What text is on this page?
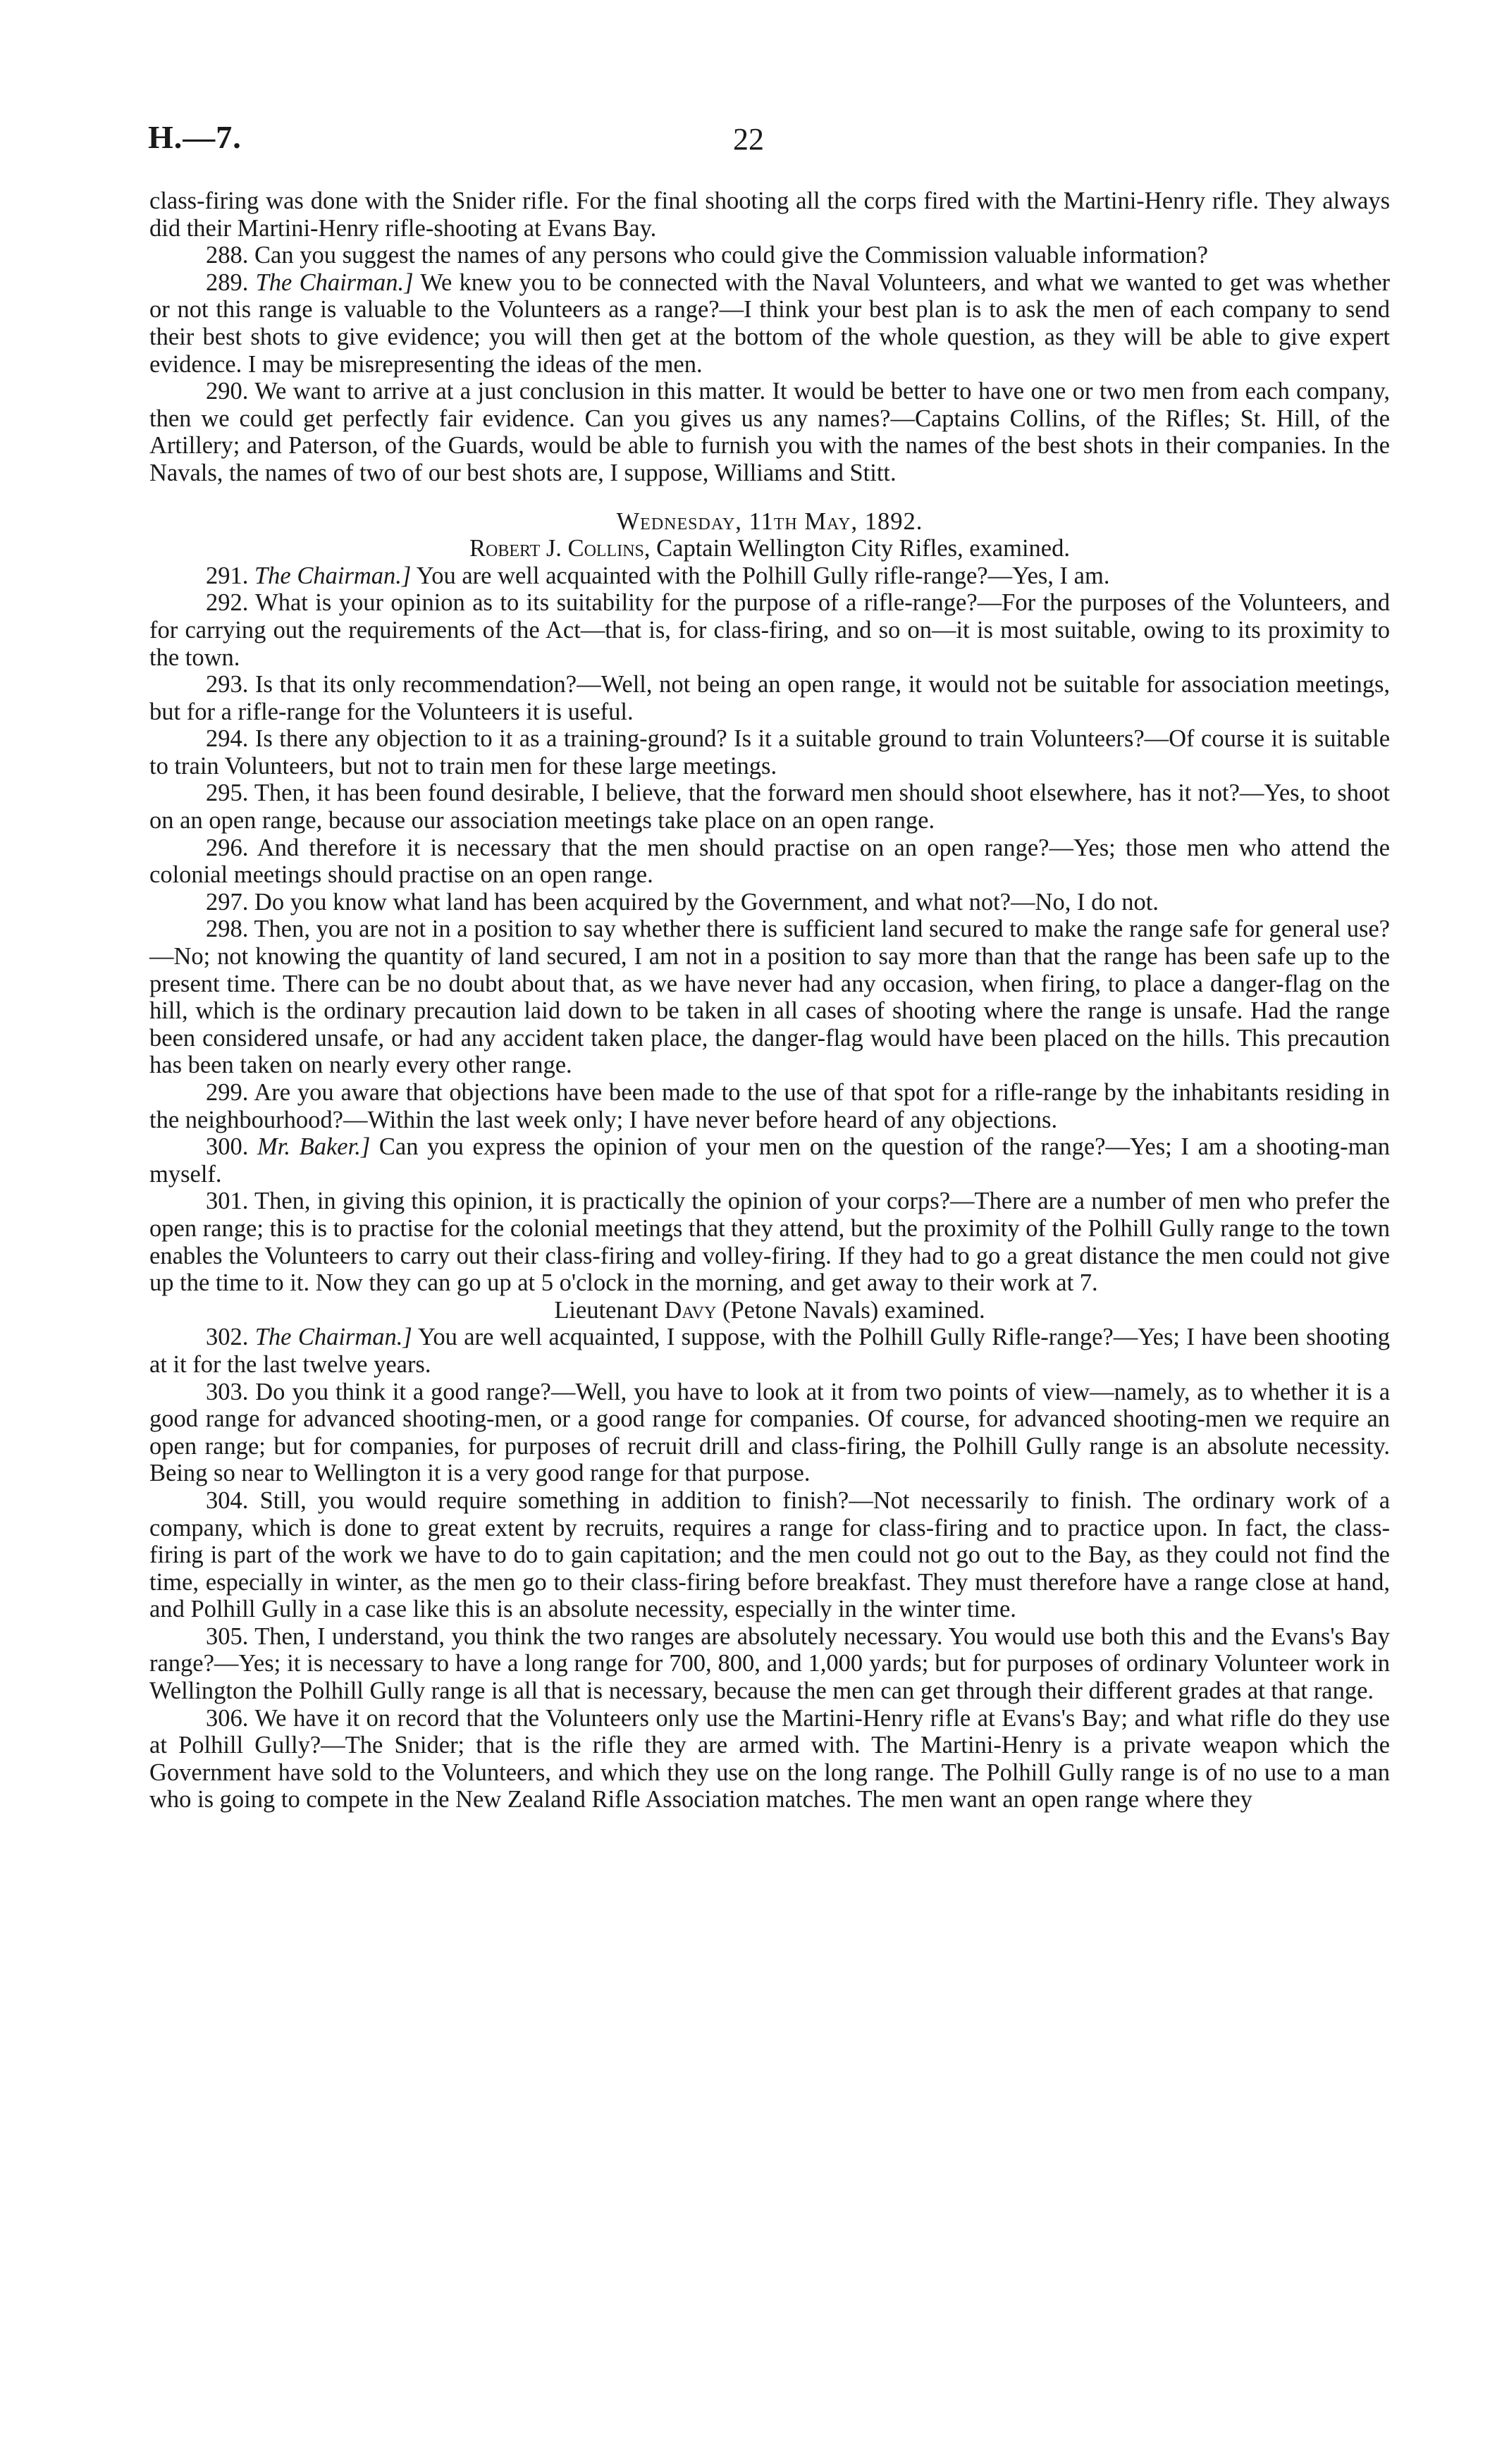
H.—7.	22

class-firing was done with the Snider rifle. For the final shooting all the corps fired with the Martini-Henry rifle. They always did their Martini-Henry rifle-shooting at Evans Bay.

288. Can you suggest the names of any persons who could give the Commission valuable information?

289. The Chairman.] We knew you to be connected with the Naval Volunteers, and what we wanted to get was whether or not this range is valuable to the Volunteers as a range?—I think your best plan is to ask the men of each company to send their best shots to give evidence; you will then get at the bottom of the whole question, as they will be able to give expert evidence. I may be misrepresenting the ideas of the men.

290. We want to arrive at a just conclusion in this matter. It would be better to have one or two men from each company, then we could get perfectly fair evidence. Can you gives us any names?—Captains Collins, of the Rifles; St. Hill, of the Artillery; and Paterson, of the Guards, would be able to furnish you with the names of the best shots in their companies. In the Navals, the names of two of our best shots are, I suppose, Williams and Stitt.

Wednesday, 11th May, 1892.

Robert J. Collins, Captain Wellington City Rifles, examined.

291. The Chairman.] You are well acquainted with the Polhill Gully rifle-range?—Yes, I am.

292. What is your opinion as to its suitability for the purpose of a rifle-range?—For the purposes of the Volunteers, and for carrying out the requirements of the Act—that is, for class-firing, and so on—it is most suitable, owing to its proximity to the town.

293. Is that its only recommendation?—Well, not being an open range, it would not be suitable for association meetings, but for a rifle-range for the Volunteers it is useful.

294. Is there any objection to it as a training-ground? Is it a suitable ground to train Volunteers?—Of course it is suitable to train Volunteers, but not to train men for these large meetings.

295. Then, it has been found desirable, I believe, that the forward men should shoot elsewhere, has it not?—Yes, to shoot on an open range, because our association meetings take place on an open range.

296. And therefore it is necessary that the men should practise on an open range?—Yes; those men who attend the colonial meetings should practise on an open range.

297. Do you know what land has been acquired by the Government, and what not?—No, I do not.

298. Then, you are not in a position to say whether there is sufficient land secured to make the range safe for general use?—No; not knowing the quantity of land secured, I am not in a position to say more than that the range has been safe up to the present time. There can be no doubt about that, as we have never had any occasion, when firing, to place a danger-flag on the hill, which is the ordinary precaution laid down to be taken in all cases of shooting where the range is unsafe. Had the range been considered unsafe, or had any accident taken place, the danger-flag would have been placed on the hills. This precaution has been taken on nearly every other range.

299. Are you aware that objections have been made to the use of that spot for a rifle-range by the inhabitants residing in the neighbourhood?—Within the last week only; I have never before heard of any objections.

300. Mr. Baker.] Can you express the opinion of your men on the question of the range?—Yes; I am a shooting-man myself.

301. Then, in giving this opinion, it is practically the opinion of your corps?—There are a number of men who prefer the open range; this is to practise for the colonial meetings that they attend, but the proximity of the Polhill Gully range to the town enables the Volunteers to carry out their class-firing and volley-firing. If they had to go a great distance the men could not give up the time to it. Now they can go up at 5 o'clock in the morning, and get away to their work at 7.

Lieutenant Davy (Petone Navals) examined.

302. The Chairman.] You are well acquainted, I suppose, with the Polhill Gully Rifle-range?—Yes; I have been shooting at it for the last twelve years.

303. Do you think it a good range?—Well, you have to look at it from two points of view—namely, as to whether it is a good range for advanced shooting-men, or a good range for companies. Of course, for advanced shooting-men we require an open range; but for companies, for purposes of recruit drill and class-firing, the Polhill Gully range is an absolute necessity. Being so near to Wellington it is a very good range for that purpose.

304. Still, you would require something in addition to finish?—Not necessarily to finish. The ordinary work of a company, which is done to great extent by recruits, requires a range for class-firing and to practice upon. In fact, the class-firing is part of the work we have to do to gain capitation; and the men could not go out to the Bay, as they could not find the time, especially in winter, as the men go to their class-firing before breakfast. They must therefore have a range close at hand, and Polhill Gully in a case like this is an absolute necessity, especially in the winter time.

305. Then, I understand, you think the two ranges are absolutely necessary. You would use both this and the Evans's Bay range?—Yes; it is necessary to have a long range for 700, 800, and 1,000 yards; but for purposes of ordinary Volunteer work in Wellington the Polhill Gully range is all that is necessary, because the men can get through their different grades at that range.

306. We have it on record that the Volunteers only use the Martini-Henry rifle at Evans's Bay; and what rifle do they use at Polhill Gully?—The Snider; that is the rifle they are armed with. The Martini-Henry is a private weapon which the Government have sold to the Volunteers, and which they use on the long range. The Polhill Gully range is of no use to a man who is going to compete in the New Zealand Rifle Association matches. The men want an open range where they
